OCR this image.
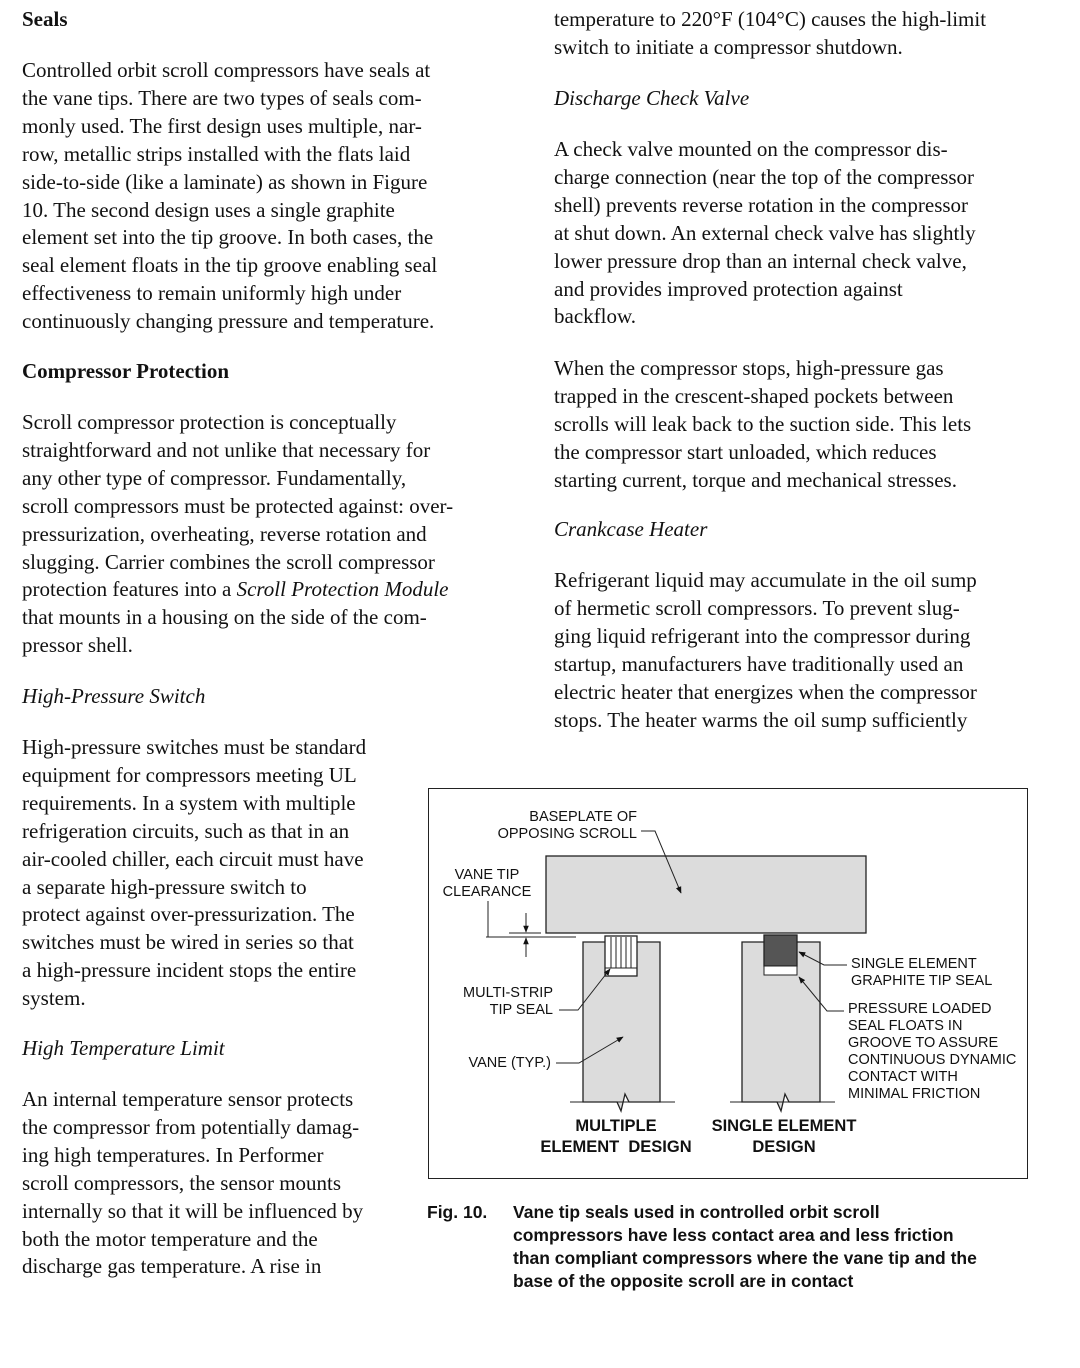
Seals

Controlled orbit scroll compressors have seals at

the vane tips. There are two types of seals com-

monly used. The first design uses multiple, nar-

row, metallic strips installed with the flats laid

side-to-side (like a laminate) as shown in Figure

10. The second design uses a single graphite

element set into the tip groove. In both cases, the

seal element floats in the tip groove enabling seal

effectiveness to remain uniformly high under

continuously changing pressure and temperature.

Compressor Protection

Scroll compressor protection is conceptually

straightforward and not unlike that necessary for

any other type of compressor. Fundamentally,

scroll compressors must be protected against: over-

pressurization, overheating, reverse rotation and

slugging. Carrier combines the scroll compressor

protection features into a Scroll Protection Module

that mounts in a housing on the side of the com-

pressor shell.

High-Pressure Switch

High-pressure switches must be standard

equipment for compressors meeting UL

requirements. In a system with multiple

refrigeration circuits, such as that in an

air-cooled chiller, each circuit must have

a separate high-pressure switch to

protect against over-pressurization. The

switches must be wired in series so that

a high-pressure incident stops the entire

system.

High Temperature Limit

An internal temperature sensor protects

the compressor from potentially damag-

ing high temperatures. In Performer

scroll compressors, the sensor mounts

internally so that it will be influenced by

both the motor temperature and the

discharge gas temperature. A rise in

temperature to 220°F (104°C) causes the high-limit

switch to initiate a compressor shutdown.

Discharge Check Valve

A check valve mounted on the compressor dis-

charge connection (near the top of the compressor

shell) prevents reverse rotation in the compressor

at shut down. An external check valve has slightly

lower pressure drop than an internal check valve,

and provides improved protection against

backflow.

When the compressor stops, high-pressure gas

trapped in the crescent-shaped pockets between

scrolls will leak back to the suction side. This lets

the compressor start unloaded, which reduces

starting current, torque and mechanical stresses.

Crankcase Heater

Refrigerant liquid may accumulate in the oil sump

of hermetic scroll compressors. To prevent slug-

ging liquid refrigerant into the compressor during

startup, manufacturers have traditionally used an

electric heater that energizes when the compressor

stops. The heater warms the oil sump sufficiently

BASEPLATE OF
OPPOSING SCROLL
VANE TIP
CLEARANCE
MULTI-STRIP
TIP SEAL
VANE (TYP.)
SINGLE ELEMENT
GRAPHITE TIP SEAL
PRESSURE LOADED
SEAL FLOATS IN
GROOVE TO ASSURE
CONTINUOUS DYNAMIC
CONTACT WITH
MINIMAL FRICTION
MULTIPLE
ELEMENT  DESIGN
SINGLE ELEMENT
DESIGN
Fig. 10. Vane tip seals used in controlled orbit scroll
compressors have less contact area and less friction
than compliant compressors where the vane tip and the
base of the opposite scroll are in contact
